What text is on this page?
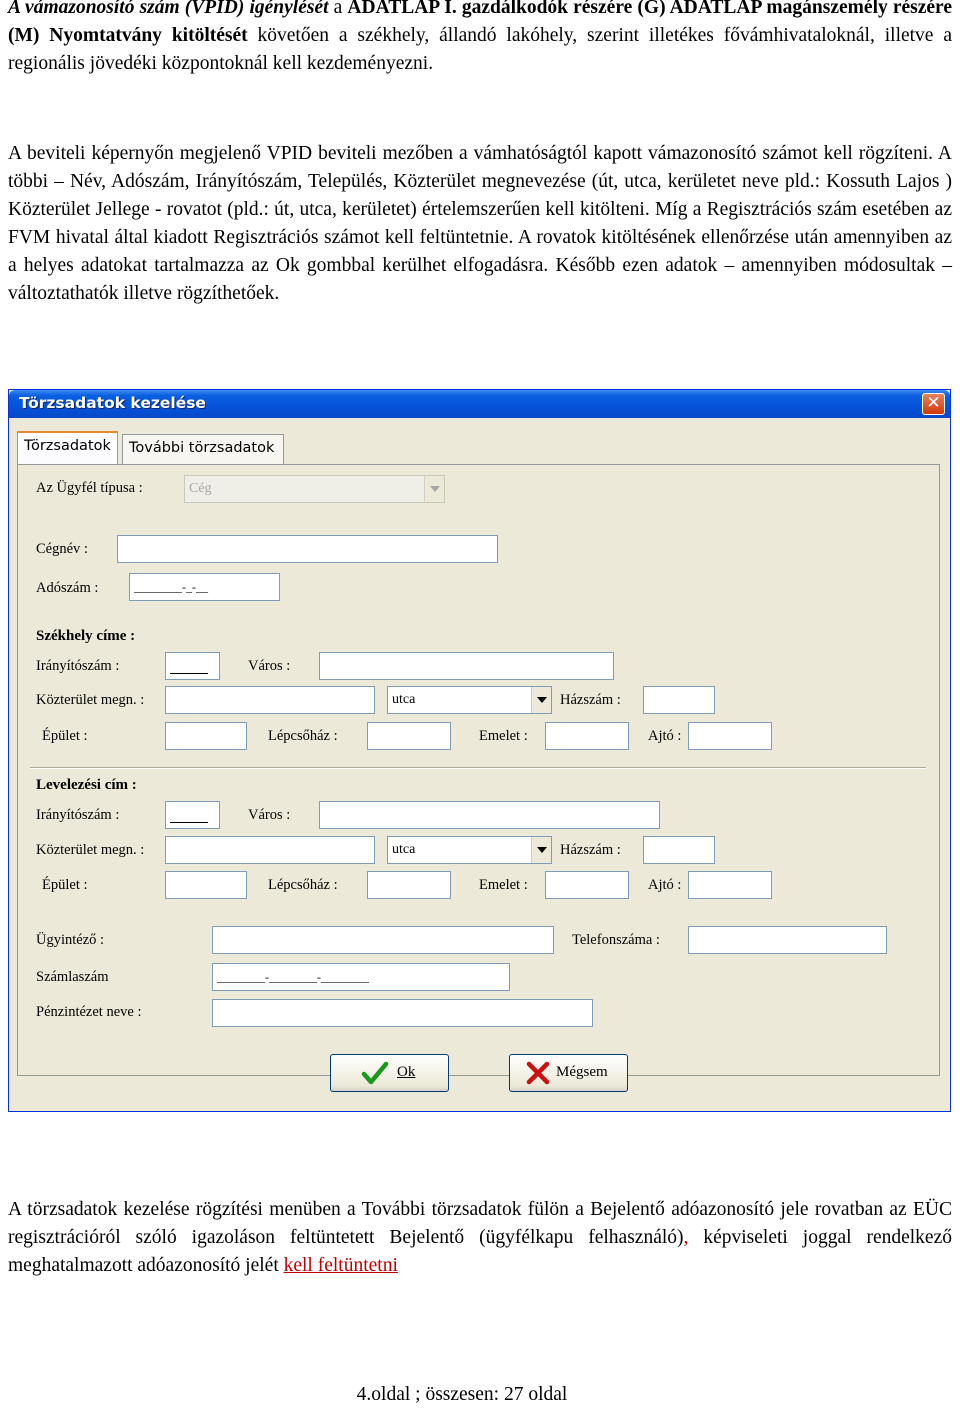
A vámazonosító szám (VPID) igénylését a ADATLAP I. gazdálkodók részére (G) ADATLAP magánszemély részére (M) Nyomtatvány kitöltését követően a székhely, állandó lakóhely, szerint illetékes fővámhivataloknál, illetve a regionális jövedéki központoknál kell kezdeményezni.
A beviteli képernyőn megjelenő VPID beviteli mezőben a vámhatóságtól kapott vámazonosító számot kell rögzíteni. A többi – Név, Adószám, Irányítószám, Település, Közterület megnevezése (út, utca, kerületet neve pld.: Kossuth Lajos ) Közterület Jellege - rovatot (pld.: út, utca, kerületet) értelemszerűen kell kitölteni. Míg a Regisztrációs szám esetében az FVM hivatal által kiadott Regisztrációs számot kell feltüntetnie. A rovatok kitöltésének ellenőrzése után amennyiben az a helyes adatokat tartalmazza az Ok gombbal kerülhet elfogadásra. Később ezen adatok – amennyiben módosultak – változtathatók illetve rögzíthetőek.
A törzsadatok kezelése rögzítési menüben a További törzsadatok fülön a Bejelentő adóazonosító jele rovatban az EÜC regisztrációról szóló igazoláson feltüntetett Bejelentő (ügyfélkapu felhasználó), képviseleti joggal rendelkező meghatalmazott adóazonosító jelét kell feltüntetni
4.oldal ; összesen: 27 oldal
Törzsadatok kezelése	✕
Törzsadatok	További törzsadatok
Az Ügyfél típusa :	Cég
Cégnév :
Adószám :	________-_-__
Székhely címe :
Irányítószám :	Város :
Közterület megn. :	utca	Házszám :
Épület :	Lépcsőház :	Emelet :	Ajtó :
Levelezési cím :
Irányítószám :	Város :
Közterület megn. :	utca	Házszám :
Épület :	Lépcsőház :	Emelet :	Ajtó :
Ügyintéző :	Telefonszáma :
Számlaszám	________-________-________
Pénzintézet neve :
Ok	Mégsem
